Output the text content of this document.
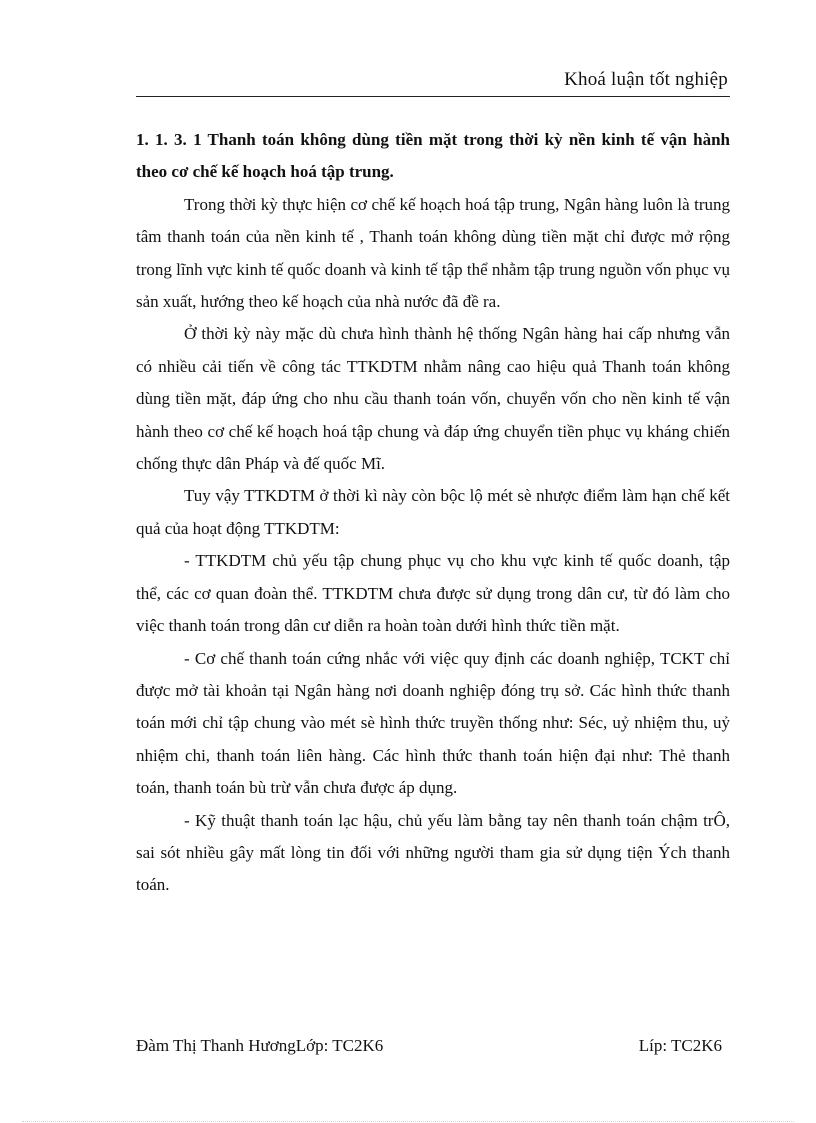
Khoá luận tốt nghiệp

1. 1. 3. 1 Thanh toán không dùng tiền mặt trong thời kỳ nền kinh tế vận hành theo cơ chế kế hoạch hoá tập trung.

Trong thời kỳ thực hiện cơ chế kế hoạch hoá tập trung, Ngân hàng luôn là trung tâm thanh toán của nền kinh tế , Thanh toán không dùng tiền mặt chỉ được mở rộng trong lĩnh vực kinh tế quốc doanh và kinh tế tập thể nhằm tập trung nguồn vốn phục vụ sản xuất, hướng theo kế hoạch của nhà nước đã đề ra.

Ở thời kỳ này mặc dù chưa hình thành hệ thống Ngân hàng hai cấp nhưng vẫn có nhiều cải tiến về công tác TTKDTM nhằm nâng cao hiệu quả Thanh toán không dùng tiền mặt, đáp ứng cho nhu cầu thanh toán vốn, chuyển vốn cho nền kinh tế vận hành theo cơ chế kế hoạch hoá tập chung và đáp ứng chuyển tiền phục vụ kháng chiến chống thực dân Pháp và đế quốc Mĩ.

Tuy vậy TTKDTM ở thời kì này còn bộc lộ mét sè nhược điểm làm hạn chế kết quả của hoạt động TTKDTM:

- TTKDTM chủ yếu tập chung phục vụ cho khu vực kinh tế quốc doanh, tập thể, các cơ quan đoàn thể. TTKDTM chưa được sử dụng trong dân cư, từ đó làm cho việc thanh toán trong dân cư diễn ra hoàn toàn dưới hình thức tiền mặt.

- Cơ chế thanh toán cứng nhắc với việc quy định các doanh nghiệp, TCKT chỉ được mở tài khoản tại Ngân hàng nơi doanh nghiệp đóng trụ sở. Các hình thức thanh toán mới chỉ tập chung vào mét sè hình thức truyền thống như: Séc, uỷ nhiệm thu, uỷ nhiệm chi, thanh toán liên hàng. Các hình thức thanh toán hiện đại như: Thẻ thanh toán, thanh toán bù trừ vẫn chưa được áp dụng.

- Kỹ thuật thanh toán lạc hậu, chủ yếu làm bằng tay nên thanh toán chậm trÔ, sai sót nhiều gây mất lòng tin đối với những người tham gia sử dụng tiện Ých thanh toán.

Đàm Thị Thanh HươngLớp: TC2K6	Líp: TC2K6
